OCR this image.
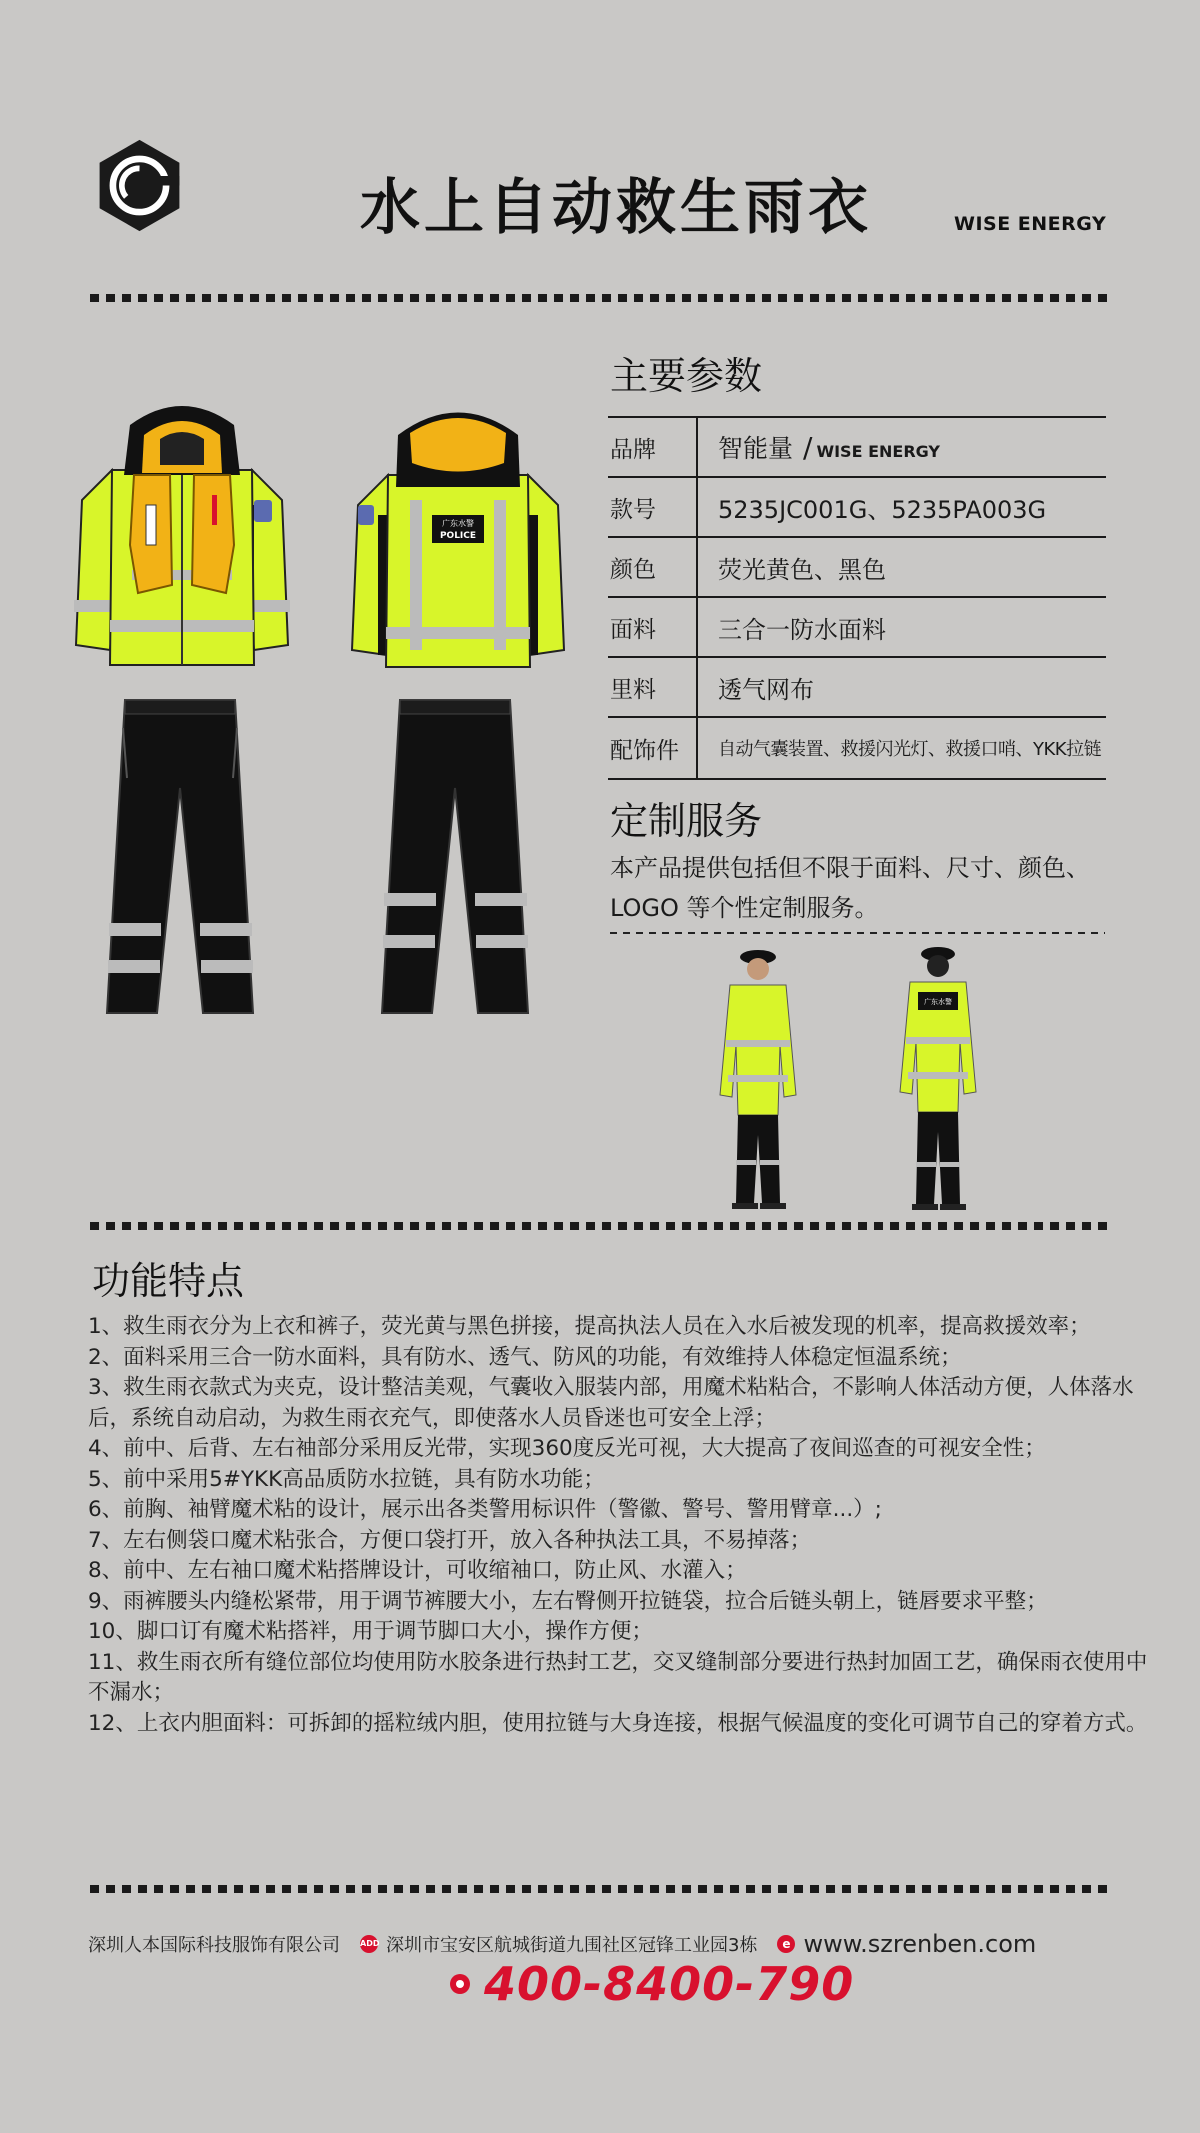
水上自动救生雨衣	WISE ENERGY
广东水警
POLICE
主要参数
品牌	智能量 / WISE ENERGY
款号	5235JC001G、5235PA003G
颜色	荧光黄色、黑色
面料	三合一防水面料
里料	透气网布
配饰件	自动气囊装置、救援闪光灯、救援口哨、YKK拉链
定制服务
本产品提供包括但不限于面料、尺寸、颜色、
LOGO 等个性定制服务。
广东水警
功能特点

1、救生雨衣分为上衣和裤子，荧光黄与黑色拼接，提高执法人员在入水后被发现的机率，提高救援效率；

2、面料采用三合一防水面料，具有防水、透气、防风的功能，有效维持人体稳定恒温系统；

3、救生雨衣款式为夹克，设计整洁美观，气囊收入服装内部，用魔术粘粘合，不影响人体活动方便，人体落水后，系统自动启动，为救生雨衣充气，即使落水人员昏迷也可安全上浮；

4、前中、后背、左右袖部分采用反光带，实现360度反光可视，大大提高了夜间巡查的可视安全性；

5、前中采用5#YKK高品质防水拉链，具有防水功能；

6、前胸、袖臂魔术粘的设计，展示出各类警用标识件（警徽、警号、警用臂章...）;

7、左右侧袋口魔术粘张合，方便口袋打开，放入各种执法工具，不易掉落；

8、前中、左右袖口魔术粘搭牌设计，可收缩袖口，防止风、水灌入；

9、雨裤腰头内缝松紧带，用于调节裤腰大小，左右臀侧开拉链袋，拉合后链头朝上，链唇要求平整；

10、脚口订有魔术粘搭袢，用于调节脚口大小，操作方便；

11、救生雨衣所有缝位部位均使用防水胶条进行热封工艺，交叉缝制部分要进行热封加固工艺，确保雨衣使用中不漏水；

12、上衣内胆面料：可拆卸的摇粒绒内胆，使用拉链与大身连接，根据气候温度的变化可调节自己的穿着方式。

深圳人本国际科技服饰有限公司	ADD 深圳市宝安区航城街道九围社区冠锋工业园3栋	e www.szrenben.com
400-8400-790
